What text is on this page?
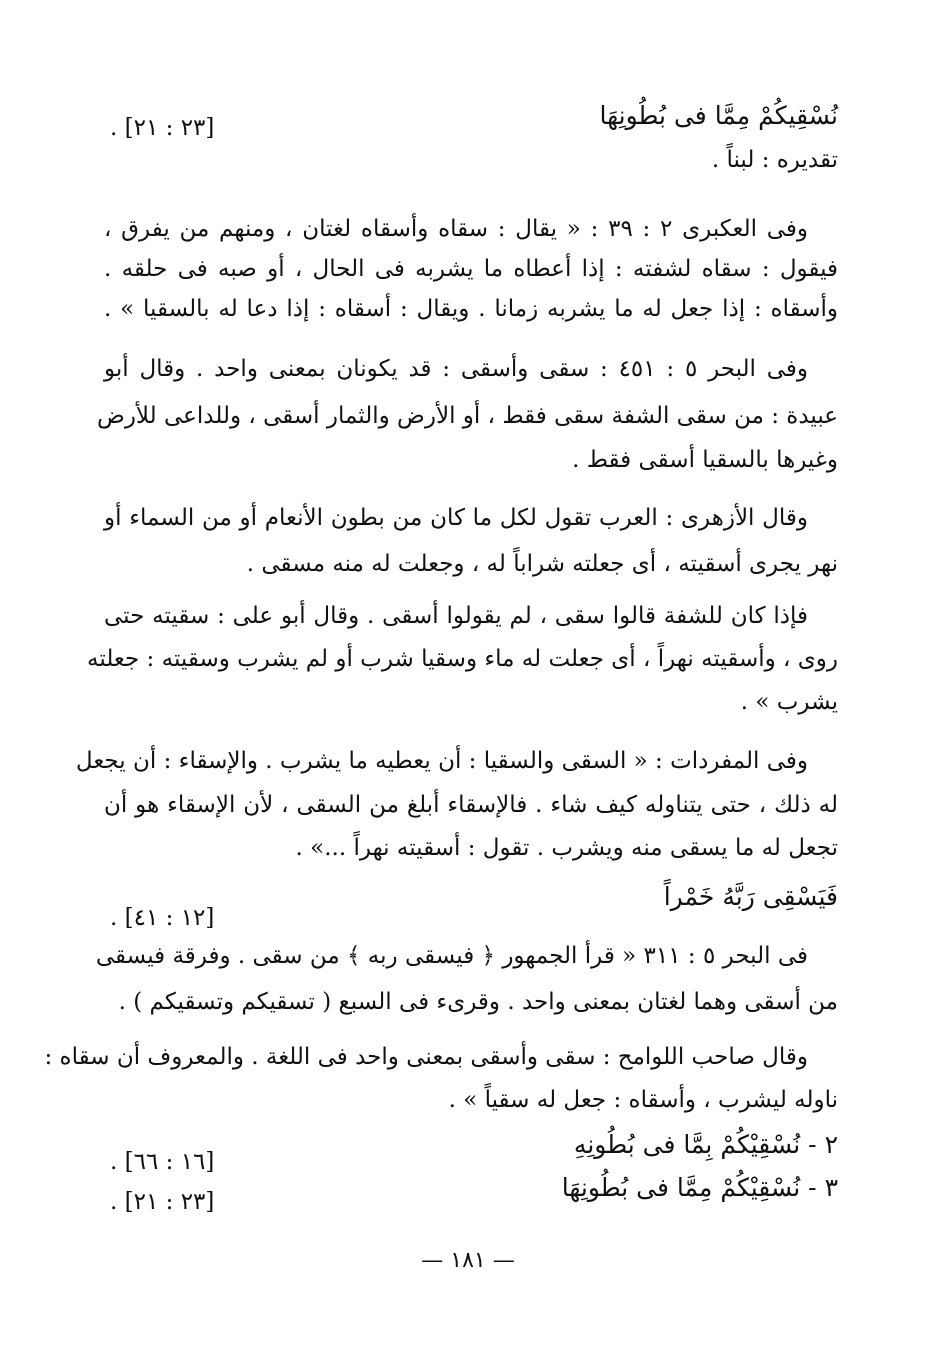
نُسْقِيكُمْ مِمَّا فى بُطُونِهَا
[٢٣ : ٢١] .
تقديره : لبناً .
وفى العكبرى ٢ : ٣٩ : « يقال : سقاه وأسقاه لغتان ، ومنهم من يفرق ،
فيقول : سقاه لشفته : إذا أعطاه ما يشربه فى الحال ، أو صبه فى حلقه .
وأسقاه : إذا جعل له ما يشربه زمانا . ويقال : أسقاه : إذا دعا له بالسقيا » .
وفى البحر ٥ : ٤٥١ : سقى وأسقى : قد يكونان بمعنى واحد . وقال أبو
عبيدة : من سقى الشفة سقى فقط ، أو الأرض والثمار أسقى ، وللداعى للأرض
وغيرها بالسقيا أسقى فقط .
وقال الأزهرى : العرب تقول لكل ما كان من بطون الأنعام أو من السماء أو
نهر يجرى أسقيته ، أى جعلته شراباً له ، وجعلت له منه مسقى .
فإذا كان للشفة قالوا سقى ، لم يقولوا أسقى . وقال أبو على : سقيته حتى
روى ، وأسقيته نهراً ، أى جعلت له ماء وسقيا شرب أو لم يشرب وسقيته : جعلته
يشرب » .
وفى المفردات : « السقى والسقيا : أن يعطيه ما يشرب . والإسقاء : أن يجعل
له ذلك ، حتى يتناوله كيف شاء . فالإسقاء أبلغ من السقى ، لأن الإسقاء هو أن
تجعل له ما يسقى منه ويشرب . تقول : أسقيته نهراً ...» .
فَيَسْقِى رَبَّهُ خَمْراً
[١٢ : ٤١] .
فى البحر ٥ : ٣١١ « قرأ الجمهور ﴿ فيسقى ربه ﴾ من سقى . وفرقة فيسقى
من أسقى وهما لغتان بمعنى واحد . وقرىء فى السبع ( تسقيكم وتسقيكم ) .
وقال صاحب اللوامح : سقى وأسقى بمعنى واحد فى اللغة . والمعروف أن سقاه :
ناوله ليشرب ، وأسقاه : جعل له سقياً » .
٢ - نُسْقِيْكُمْ بِمَّا فى بُطُونِهِ
[١٦ : ٦٦] .
٣ - نُسْقِيْكُمْ مِمَّا فى بُطُونِهَا
[٢٣ : ٢١] .
— ١٨١ —
